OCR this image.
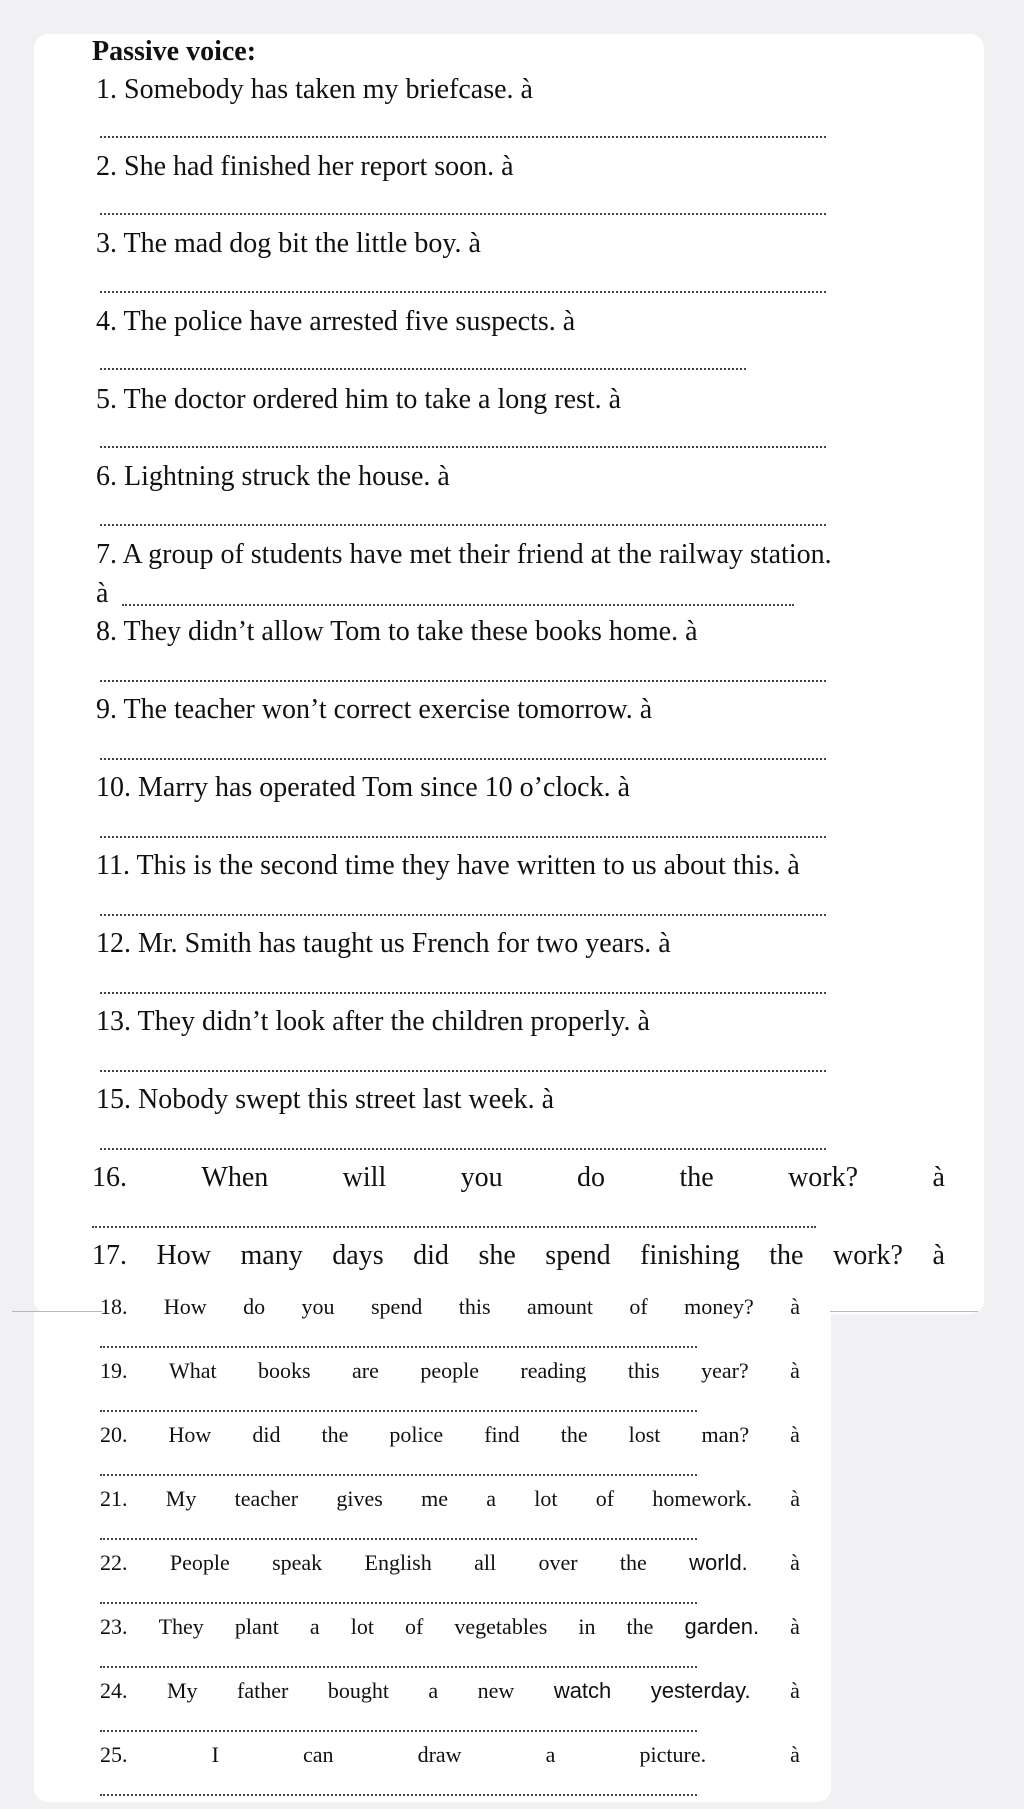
Passive voice:
1. Somebody has taken my briefcase. à
2. She had finished her report soon. à
3. The mad dog bit the little boy. à
4. The police have arrested five suspects. à
5. The doctor ordered him to take a long rest. à
6. Lightning struck the house. à
7. A group of students have met their friend at the railway station.
à
8. They didn’t allow Tom to take these books home. à
9. The teacher won’t correct exercise tomorrow. à
10. Marry has operated Tom since 10 o’clock. à
11. This is the second time they have written to us about this. à
12. Mr. Smith has taught us French for two years. à
13. They didn’t look after the children properly. à
15. Nobody swept this street last week. à
16.	When	will	you	do	the	work?	à
17. How many days did she spend finishing the work? à
18. How do you spend this amount of money? à
19. What books are people reading this year? à
20. How did the police find the lost man? à
21. My teacher gives me a lot of homework. à
22. People speak English all over the world. à
23. They plant a lot of vegetables in the garden. à
24. My father bought a new watch yesterday. à
25.	I	can	draw	a	picture.	à
